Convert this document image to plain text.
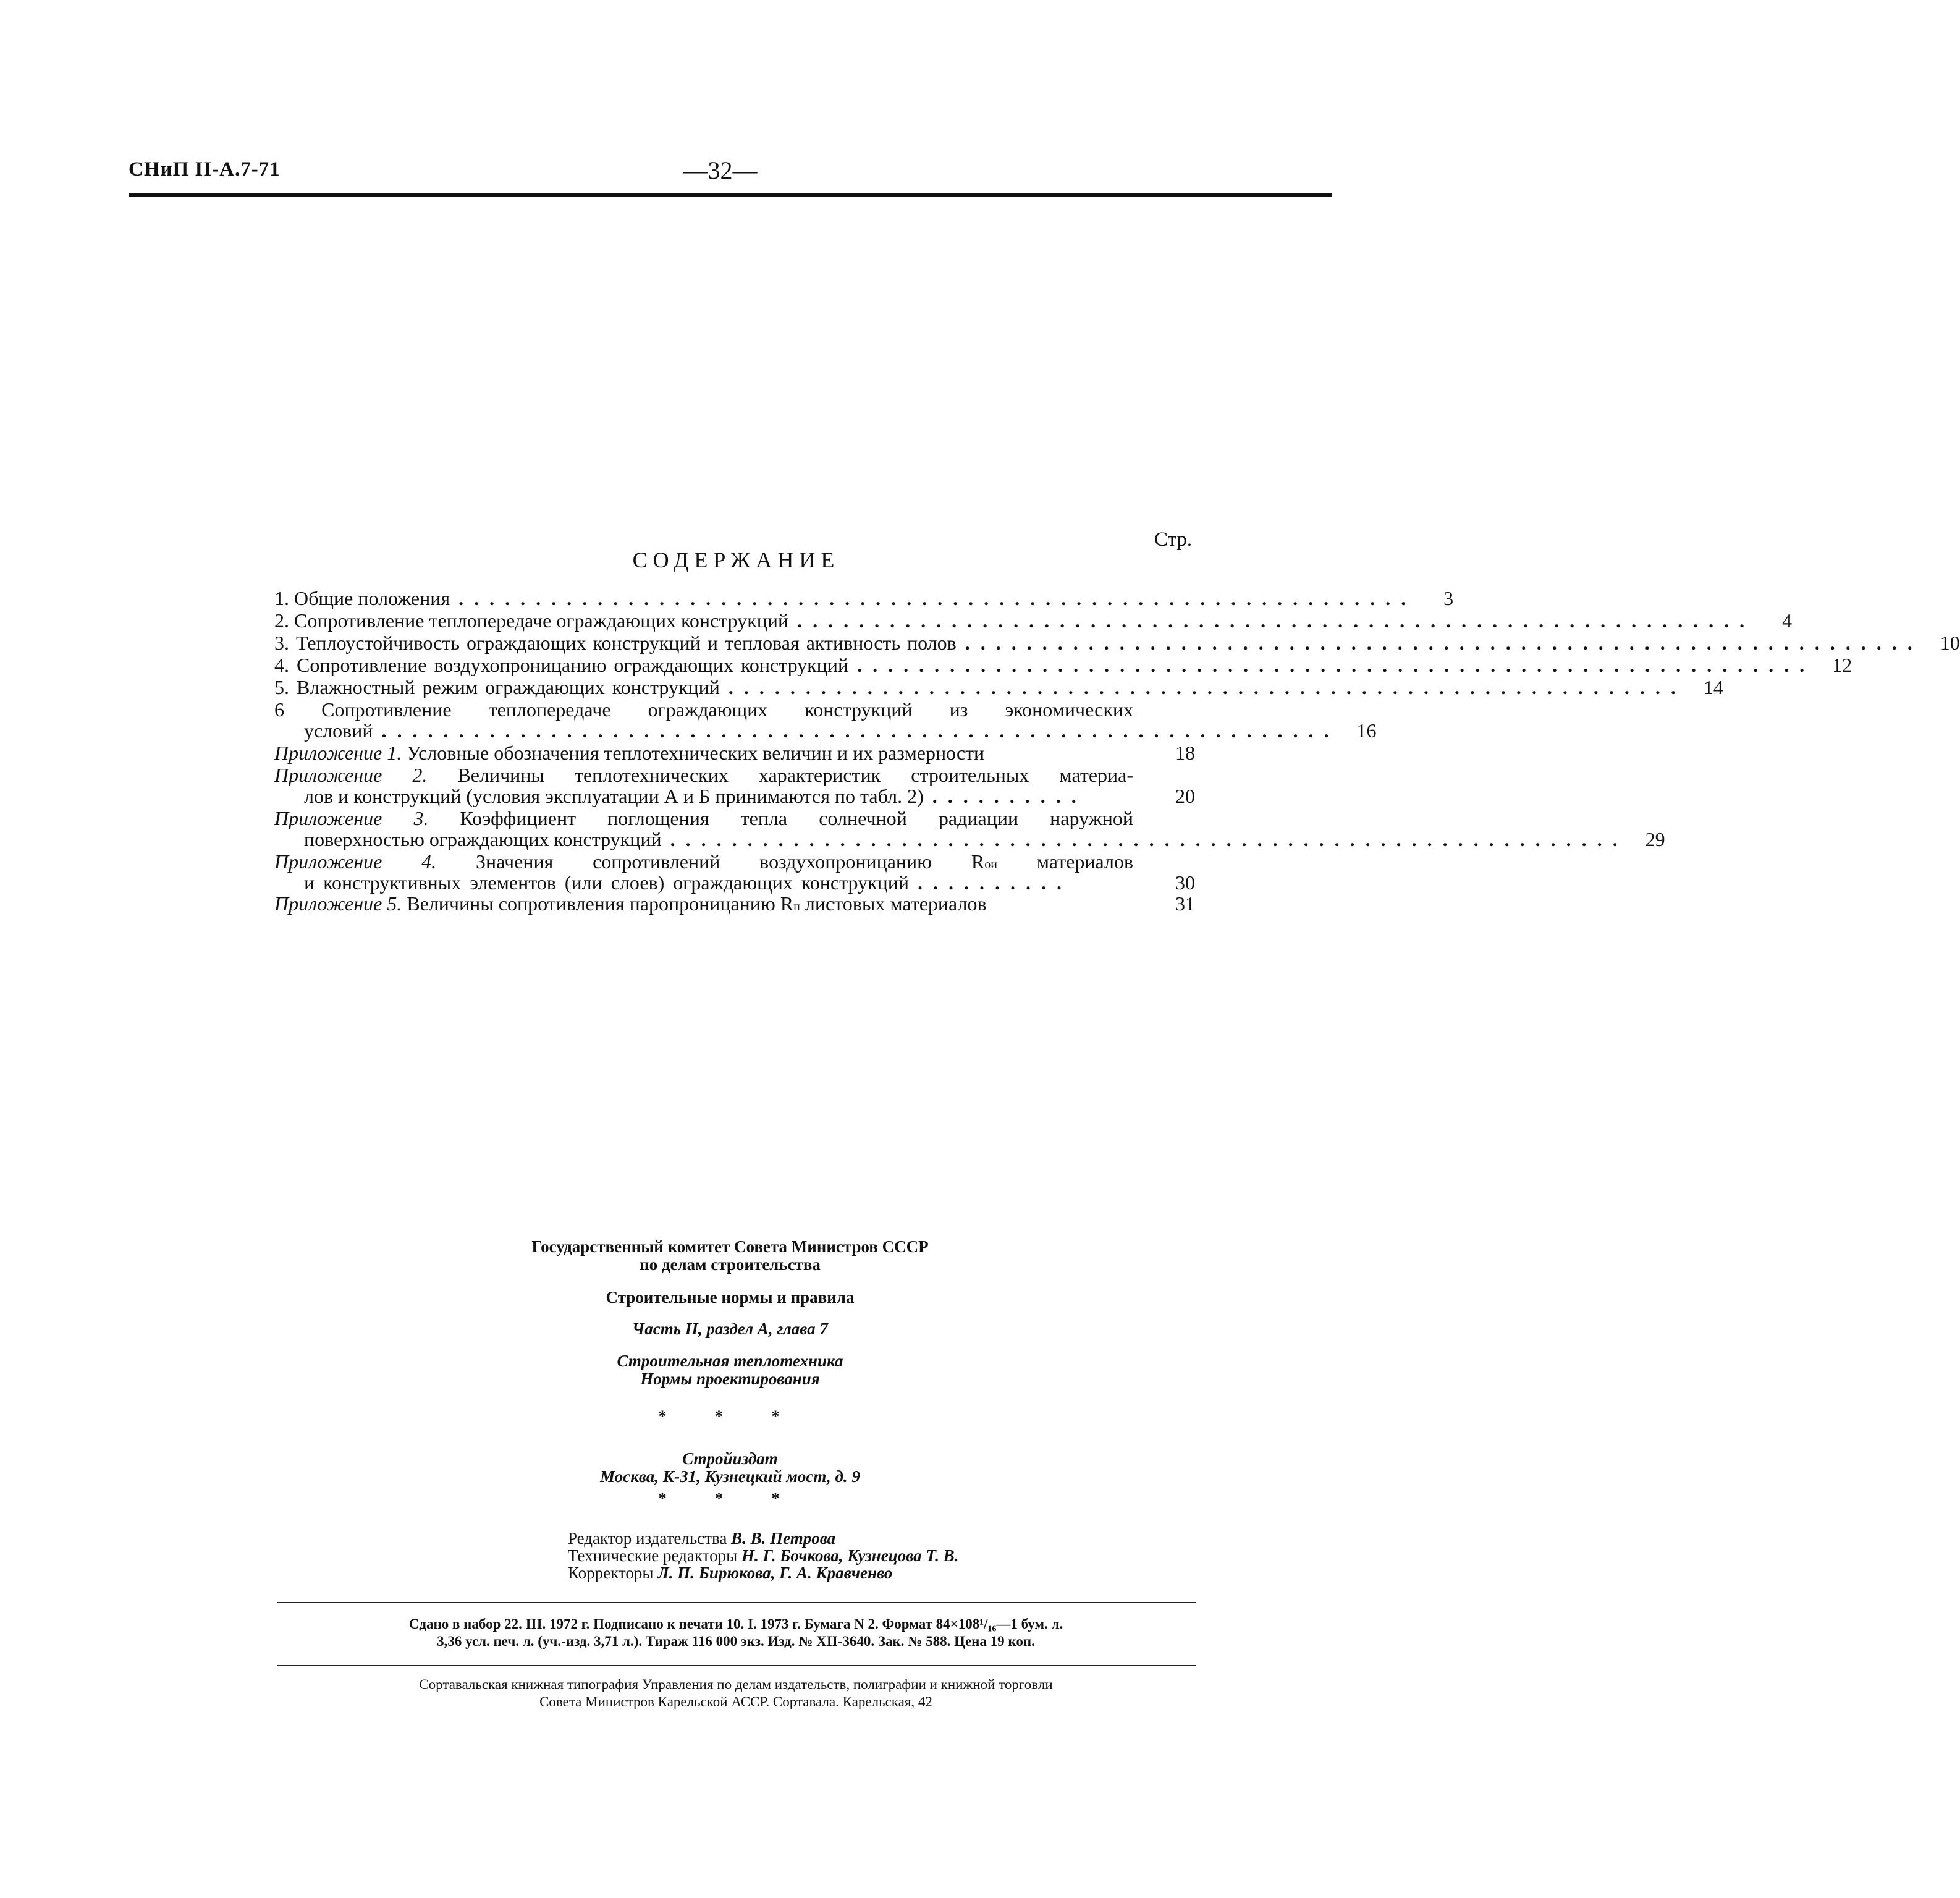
СНиП II-А.7-71	—32—
Стр.
СОДЕРЖАНИЕ
1. Общие положения ..............................................................	3
2. Сопротивление теплопередаче ограждающих конструкций ..............................................................	4
3. Теплоустойчивость ограждающих конструкций и тепловая активность полов .............................................................. 10
4. Сопротивление воздухопроницанию ограждающих конструкций .............................................................. 12
5. Влажностный режим ограждающих конструкций .............................................................. 14
6 Сопротивление теплопередаче ограждающих конструкций из экономических
условий .............................................................. 16
Приложение 1. Условные обозначения теплотехнических величин и их размерности	18
Приложение 2. Величины теплотехнических характеристик строительных материа-
лов и конструкций (условия эксплуатации А и Б принимаются по табл. 2) ..........	20
Приложение 3. Коэффициент поглощения тепла солнечной радиации наружной
поверхностью ограждающих конструкций .............................................................. 29
Приложение 4. Значения сопротивлений воздухопроницанию Rои материалов
и конструктивных элементов (или слоев) ограждающих конструкций ..........	30
Приложение 5. Величины сопротивления паропроницанию Rп листовых материалов	31
Государственный комитет Совета Министров СССР
по делам строительства
Строительные нормы и правила
Часть II, раздел А, глава 7
Строительная теплотехника
Нормы проектирования
* * *
Стройиздат
Москва, К-31, Кузнецкий мост, д. 9
* * *
Редактор издательства В. В. Петрова
Технические редакторы Н. Г. Бочкова, Кузнецова Т. В.
Корректоры Л. П. Бирюкова, Г. А. Кравченво
Сдано в набор 22. III. 1972 г. Подписано к печати 10. I. 1973 г. Бумага N 2. Формат 84×108¹/₁₆—1 бум. л.
3,36 усл. печ. л. (уч.-изд. 3,71 л.). Тираж 116 000 экз. Изд. № XII-3640. Зак. № 588. Цена 19 коп.
Сортавальская книжная типография Управления по делам издательств, полиграфии и книжной торговли
Совета Министров Карельской АССР. Сортавала. Карельская, 42
